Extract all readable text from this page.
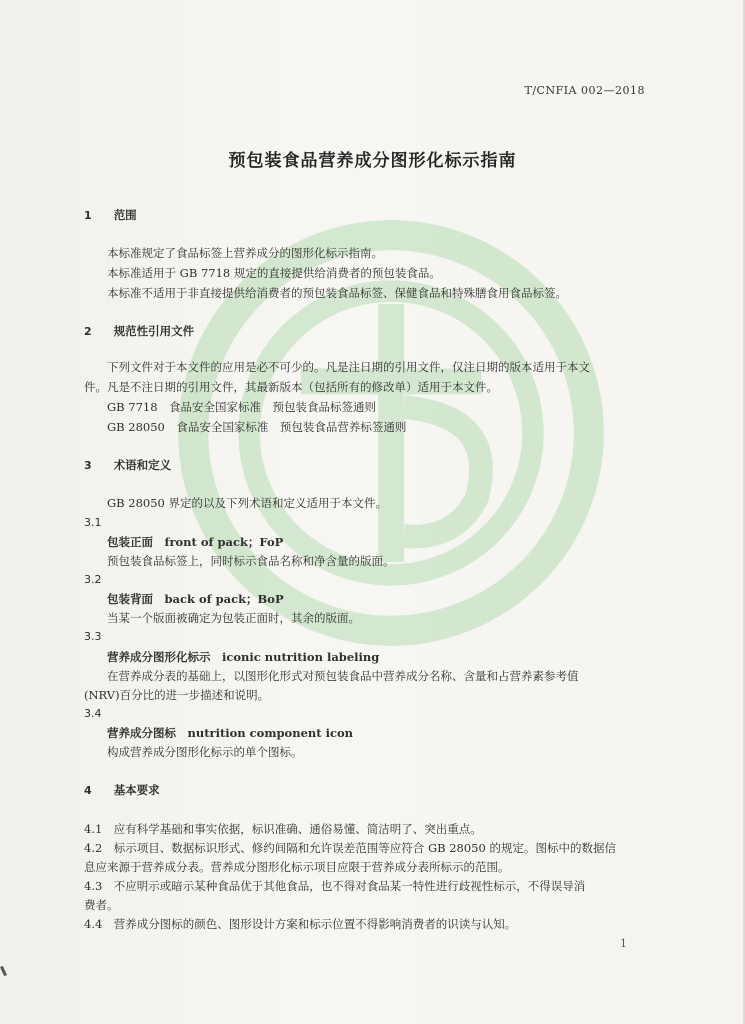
T/CNFIA 002—2018
预包装食品营养成分图形化标示指南
1 范围
本标准规定了食品标签上营养成分的图形化标示指南。
本标准适用于 GB 7718 规定的直接提供给消费者的预包装食品。
本标准不适用于非直接提供给消费者的预包装食品标签、保健食品和特殊膳食用食品标签。
2 规范性引用文件
下列文件对于本文件的应用是必不可少的。凡是注日期的引用文件，仅注日期的版本适用于本文
件。凡是不注日期的引用文件，其最新版本（包括所有的修改单）适用于本文件。
GB 7718　食品安全国家标准　预包装食品标签通则
GB 28050　食品安全国家标准　预包装食品营养标签通则
3 术语和定义
GB 28050 界定的以及下列术语和定义适用于本文件。
3.1
包装正面　front of pack；FoP
预包装食品标签上，同时标示食品名称和净含量的版面。
3.2
包装背面　back of pack；BoP
当某一个版面被确定为包装正面时，其余的版面。
3.3
营养成分图形化标示　iconic nutrition labeling
在营养成分表的基础上，以图形化形式对预包装食品中营养成分名称、含量和占营养素参考值
(NRV)百分比的进一步描述和说明。
3.4
营养成分图标　nutrition component icon
构成营养成分图形化标示的单个图标。
4 基本要求
4.1　应有科学基础和事实依据，标识准确、通俗易懂、简洁明了、突出重点。
4.2　标示项目、数据标识形式、修约间隔和允许误差范围等应符合 GB 28050 的规定。图标中的数据信
息应来源于营养成分表。营养成分图形化标示项目应限于营养成分表所标示的范围。
4.3　不应明示或暗示某种食品优于其他食品，也不得对食品某一特性进行歧视性标示，不得误导消
费者。
4.4　营养成分图标的颜色、图形设计方案和标示位置不得影响消费者的识读与认知。
1
